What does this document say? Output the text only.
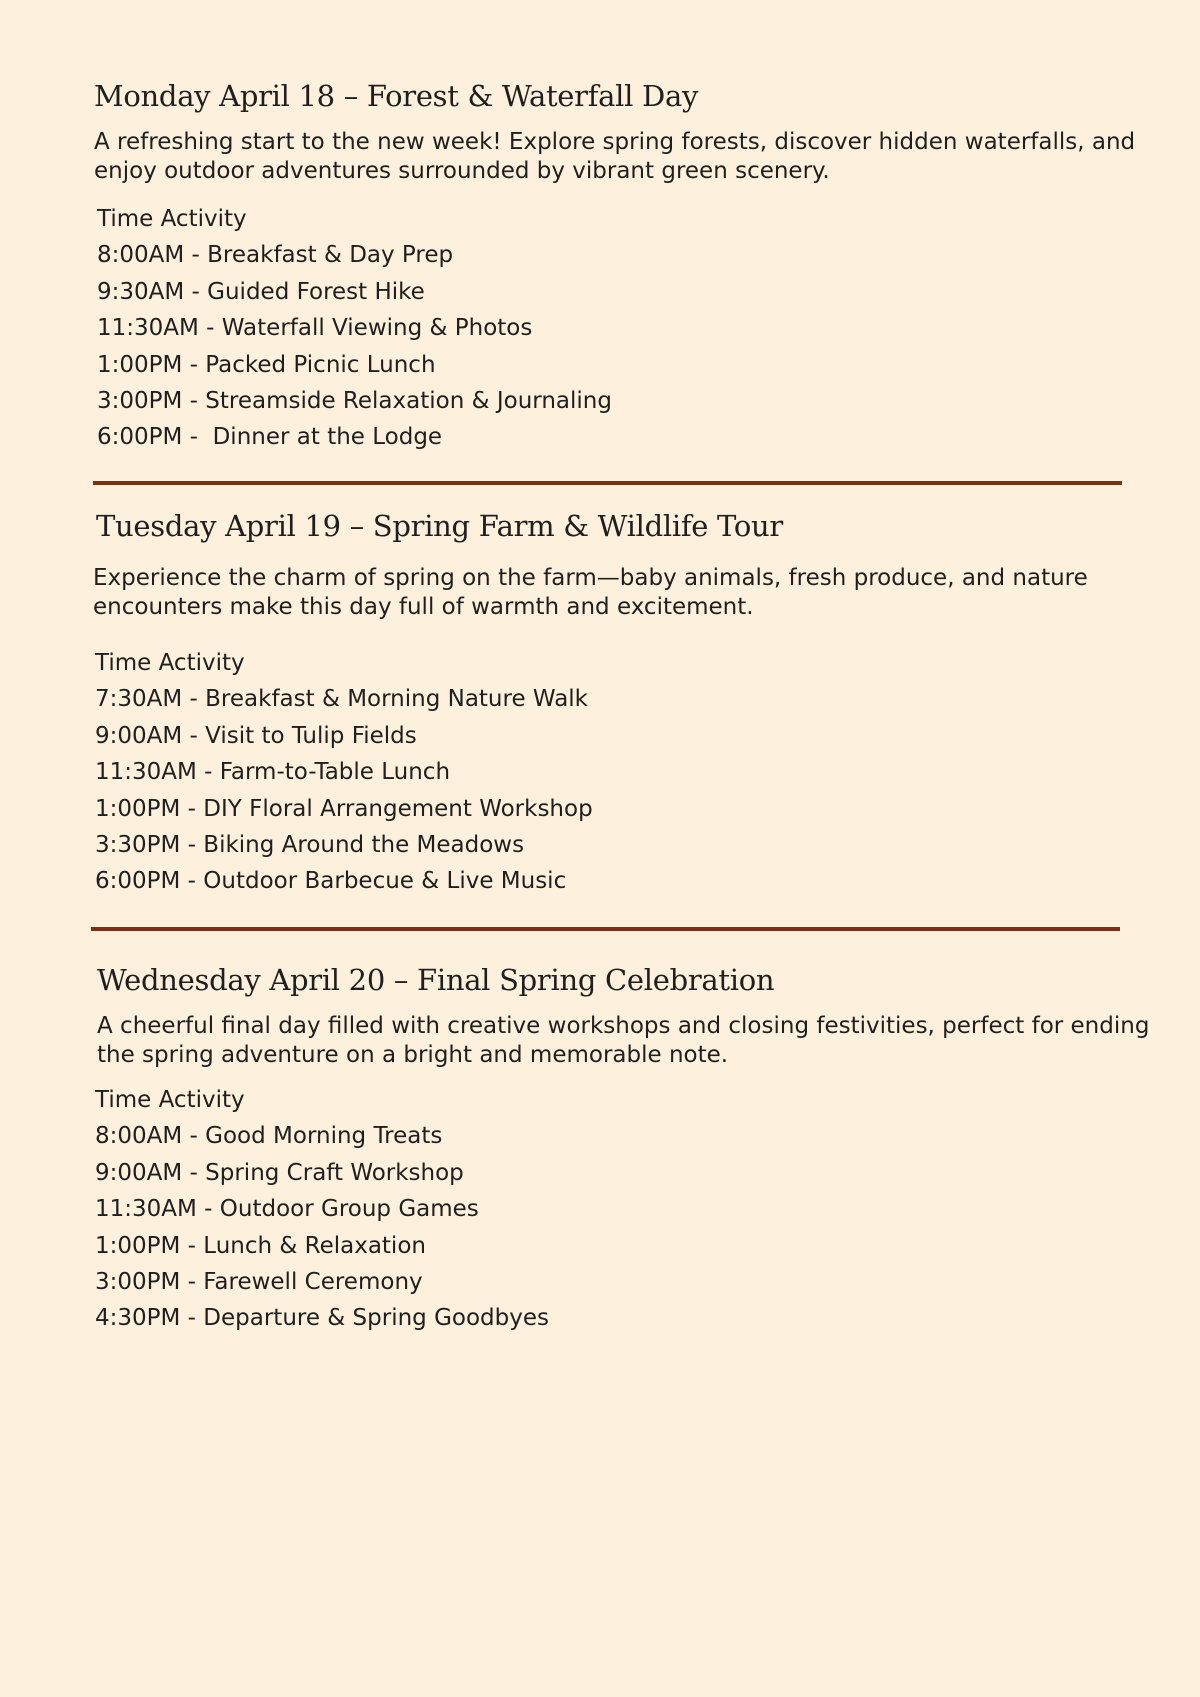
Monday April 18 – Forest & Waterfall Day

A refreshing start to the new week! Explore spring forests, discover hidden waterfalls, and enjoy outdoor adventures surrounded by vibrant green scenery.

Time Activity
8:00AM - Breakfast & Day Prep
9:30AM - Guided Forest Hike
11:30AM - Waterfall Viewing & Photos
1:00PM - Packed Picnic Lunch
3:00PM - Streamside Relaxation & Journaling
6:00PM -  Dinner at the Lodge
Tuesday April 19 – Spring Farm & Wildlife Tour

Experience the charm of spring on the farm—baby animals, fresh produce, and nature encounters make this day full of warmth and excitement.

Time Activity
7:30AM - Breakfast & Morning Nature Walk
9:00AM - Visit to Tulip Fields
11:30AM - Farm-to-Table Lunch
1:00PM - DIY Floral Arrangement Workshop
3:30PM - Biking Around the Meadows
6:00PM - Outdoor Barbecue & Live Music
Wednesday April 20 – Final Spring Celebration

A cheerful final day filled with creative workshops and closing festivities, perfect for ending the spring adventure on a bright and memorable note.

Time Activity
8:00AM - Good Morning Treats
9:00AM - Spring Craft Workshop
11:30AM - Outdoor Group Games
1:00PM - Lunch & Relaxation
3:00PM - Farewell Ceremony
4:30PM - Departure & Spring Goodbyes
